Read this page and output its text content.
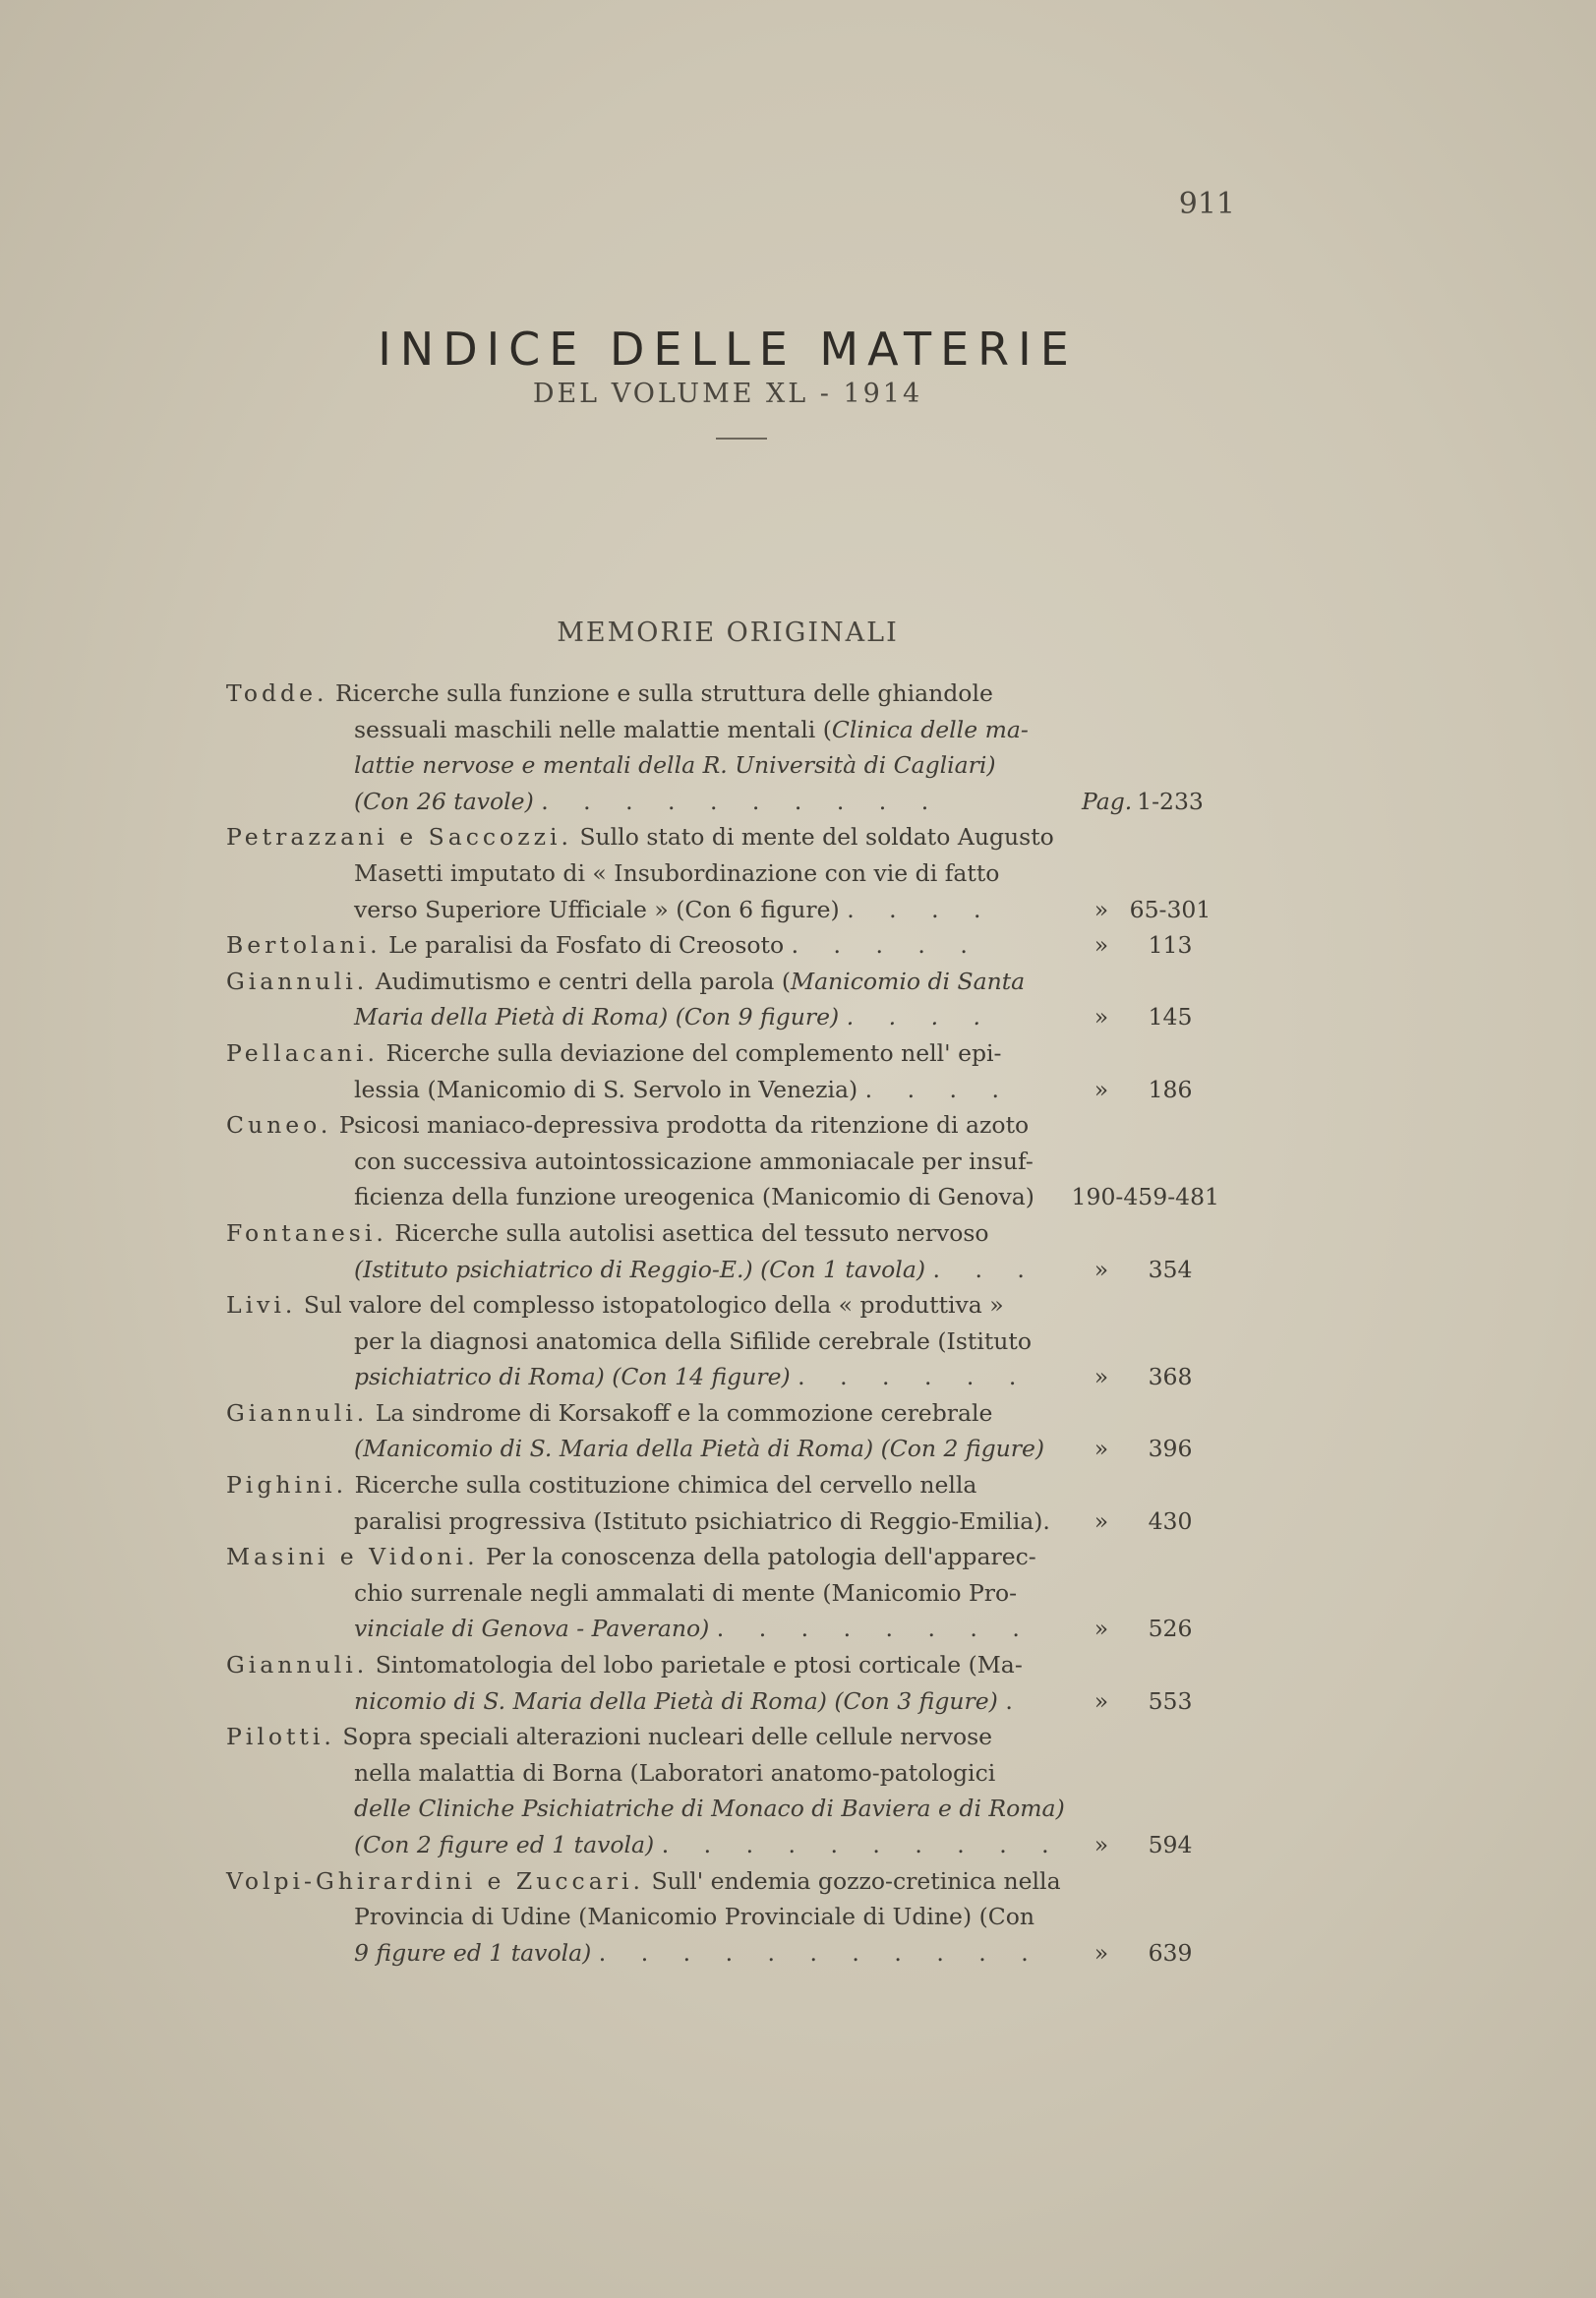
911
INDICE DELLE MATERIE
DEL VOLUME XL - 1914
MEMORIE ORIGINALI
Todde. Ricerche sulla funzione e sulla struttura delle ghiandole
sessuali maschili nelle malattie mentali (Clinica delle ma-
lattie nervose e mentali della R. Università di Cagliari)
(Con 26 tavole) . . . . . . . . . .	Pag. 1-233
Petrazzani e Saccozzi. Sullo stato di mente del soldato Augusto
Masetti imputato di « Insubordinazione con vie di fatto
verso Superiore Ufficiale » (Con 6 figure) . . . .	» 65-301
Bertolani. Le paralisi da Fosfato di Creosoto . . . . .	» 113
Giannuli. Audimutismo e centri della parola (Manicomio di Santa
Maria della Pietà di Roma) (Con 9 figure) . . . .	» 145
Pellacani. Ricerche sulla deviazione del complemento nell' epi-
lessia (Manicomio di S. Servolo in Venezia) . . . .	» 186
Cuneo. Psicosi maniaco-depressiva prodotta da ritenzione di azoto
con successiva autointossicazione ammoniacale per insuf-
ficienza della funzione ureogenica (Manicomio di Genova) 190-459-481
Fontanesi. Ricerche sulla autolisi asettica del tessuto nervoso
(Istituto psichiatrico di Reggio-E.) (Con 1 tavola) . . .	» 354
Livi. Sul valore del complesso istopatologico della « produttiva »
per la diagnosi anatomica della Sifilide cerebrale (Istituto
psichiatrico di Roma) (Con 14 figure) . . . . . .	» 368
Giannuli. La sindrome di Korsakoff e la commozione cerebrale
(Manicomio di S. Maria della Pietà di Roma) (Con 2 figure)	» 396
Pighini. Ricerche sulla costituzione chimica del cervello nella
paralisi progressiva (Istituto psichiatrico di Reggio-Emilia).	» 430
Masini e Vidoni. Per la conoscenza della patologia dell'apparec-
chio surrenale negli ammalati di mente (Manicomio Pro-
vinciale di Genova - Paverano) . . . . . . . .	» 526
Giannuli. Sintomatologia del lobo parietale e ptosi corticale (Ma-
nicomio di S. Maria della Pietà di Roma) (Con 3 figure) .	» 553
Pilotti. Sopra speciali alterazioni nucleari delle cellule nervose
nella malattia di Borna (Laboratori anatomo-patologici
delle Cliniche Psichiatriche di Monaco di Baviera e di Roma)
(Con 2 figure ed 1 tavola) . . . . . . . . . .	» 594
Volpi-Ghirardini e Zuccari. Sull' endemia gozzo-cretinica nella
Provincia di Udine (Manicomio Provinciale di Udine) (Con
9 figure ed 1 tavola) . . . . . . . . . . .	» 639
